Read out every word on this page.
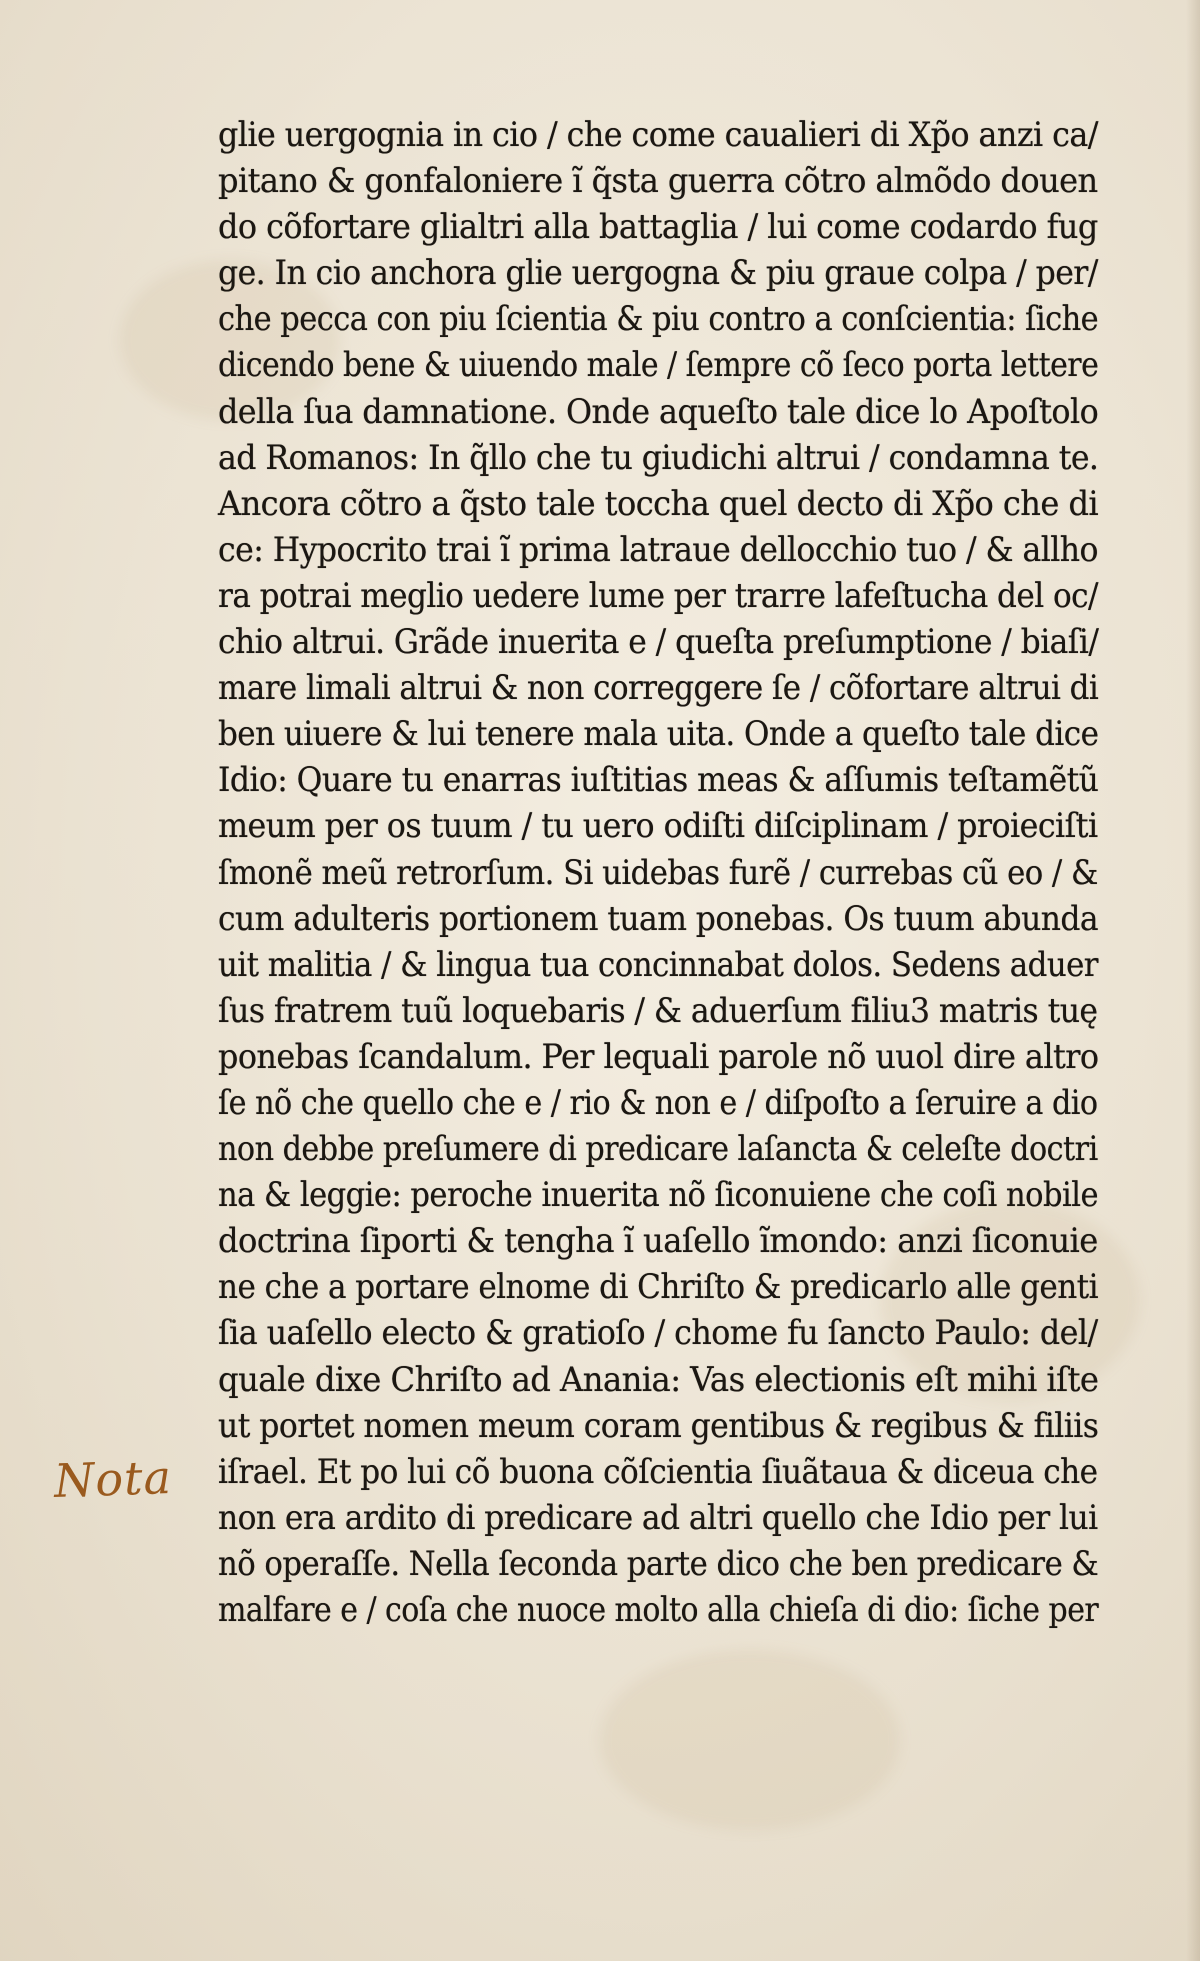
Nota
glie uergognia in cio / che come caualieri di Xp̃o anzi ca/
pitano & gonfaloniere ĩ q̃sta guerra cõtro almõdo douen
do cõfortare glialtri alla battaglia / lui come codardo fug
ge. In cio anchora glie uergogna & piu graue colpa / per/
che pecca con piu ſcientia & piu contro a conſcientia: ſiche
dicendo bene & uiuendo male / ſempre cõ ſeco porta lettere
della ſua damnatione. Onde aqueſto tale dice lo Apoſtolo
ad Romanos: In q̃llo che tu giudichi altrui / condamna te.
Ancora cõtro a q̃sto tale toccha quel decto di Xp̃o che di
ce: Hypocrito trai ĩ prima latraue dellocchio tuo / & allho
ra potrai meglio uedere lume per trarre lafeſtucha del oc/
chio altrui. Grãde inuerita e / queſta preſumptione / biaſi/
mare limali altrui & non correggere ſe / cõfortare altrui di
ben uiuere & lui tenere mala uita. Onde a queſto tale dice
Idio: Quare tu enarras iuſtitias meas & aſſumis teſtamẽtũ
meum per os tuum / tu uero odiſti diſciplinam / proieciſti
ſmonẽ meũ retrorſum. Si uidebas furẽ / currebas cũ eo / &
cum adulteris portionem tuam ponebas. Os tuum abunda
uit malitia / & lingua tua concinnabat dolos. Sedens aduer
ſus fratrem tuũ loquebaris / & aduerſum filiu3 matris tuę
ponebas ſcandalum. Per lequali parole nõ uuol dire altro
ſe nõ che quello che e / rio & non e / diſpoſto a ſeruire a dio
non debbe preſumere di predicare laſancta & celeſte doctri
na & leggie: peroche inuerita nõ ſiconuiene che coſi nobile
doctrina ſiporti & tengha ĩ uaſello ĩmondo: anzi ſiconuie
ne che a portare elnome di Chriſto & predicarlo alle genti
ſia uaſello electo & gratioſo / chome fu ſancto Paulo: del/
quale dixe Chriſto ad Anania: Vas electionis eſt mihi iſte
ut portet nomen meum coram gentibus & regibus & filiis
iſrael. Et po lui cõ buona cõſcientia ſiuãtaua & diceua che
non era ardito di predicare ad altri quello che Idio per lui
nõ operaſſe. Nella ſeconda parte dico che ben predicare &
malfare e / coſa che nuoce molto alla chieſa di dio: ſiche per
